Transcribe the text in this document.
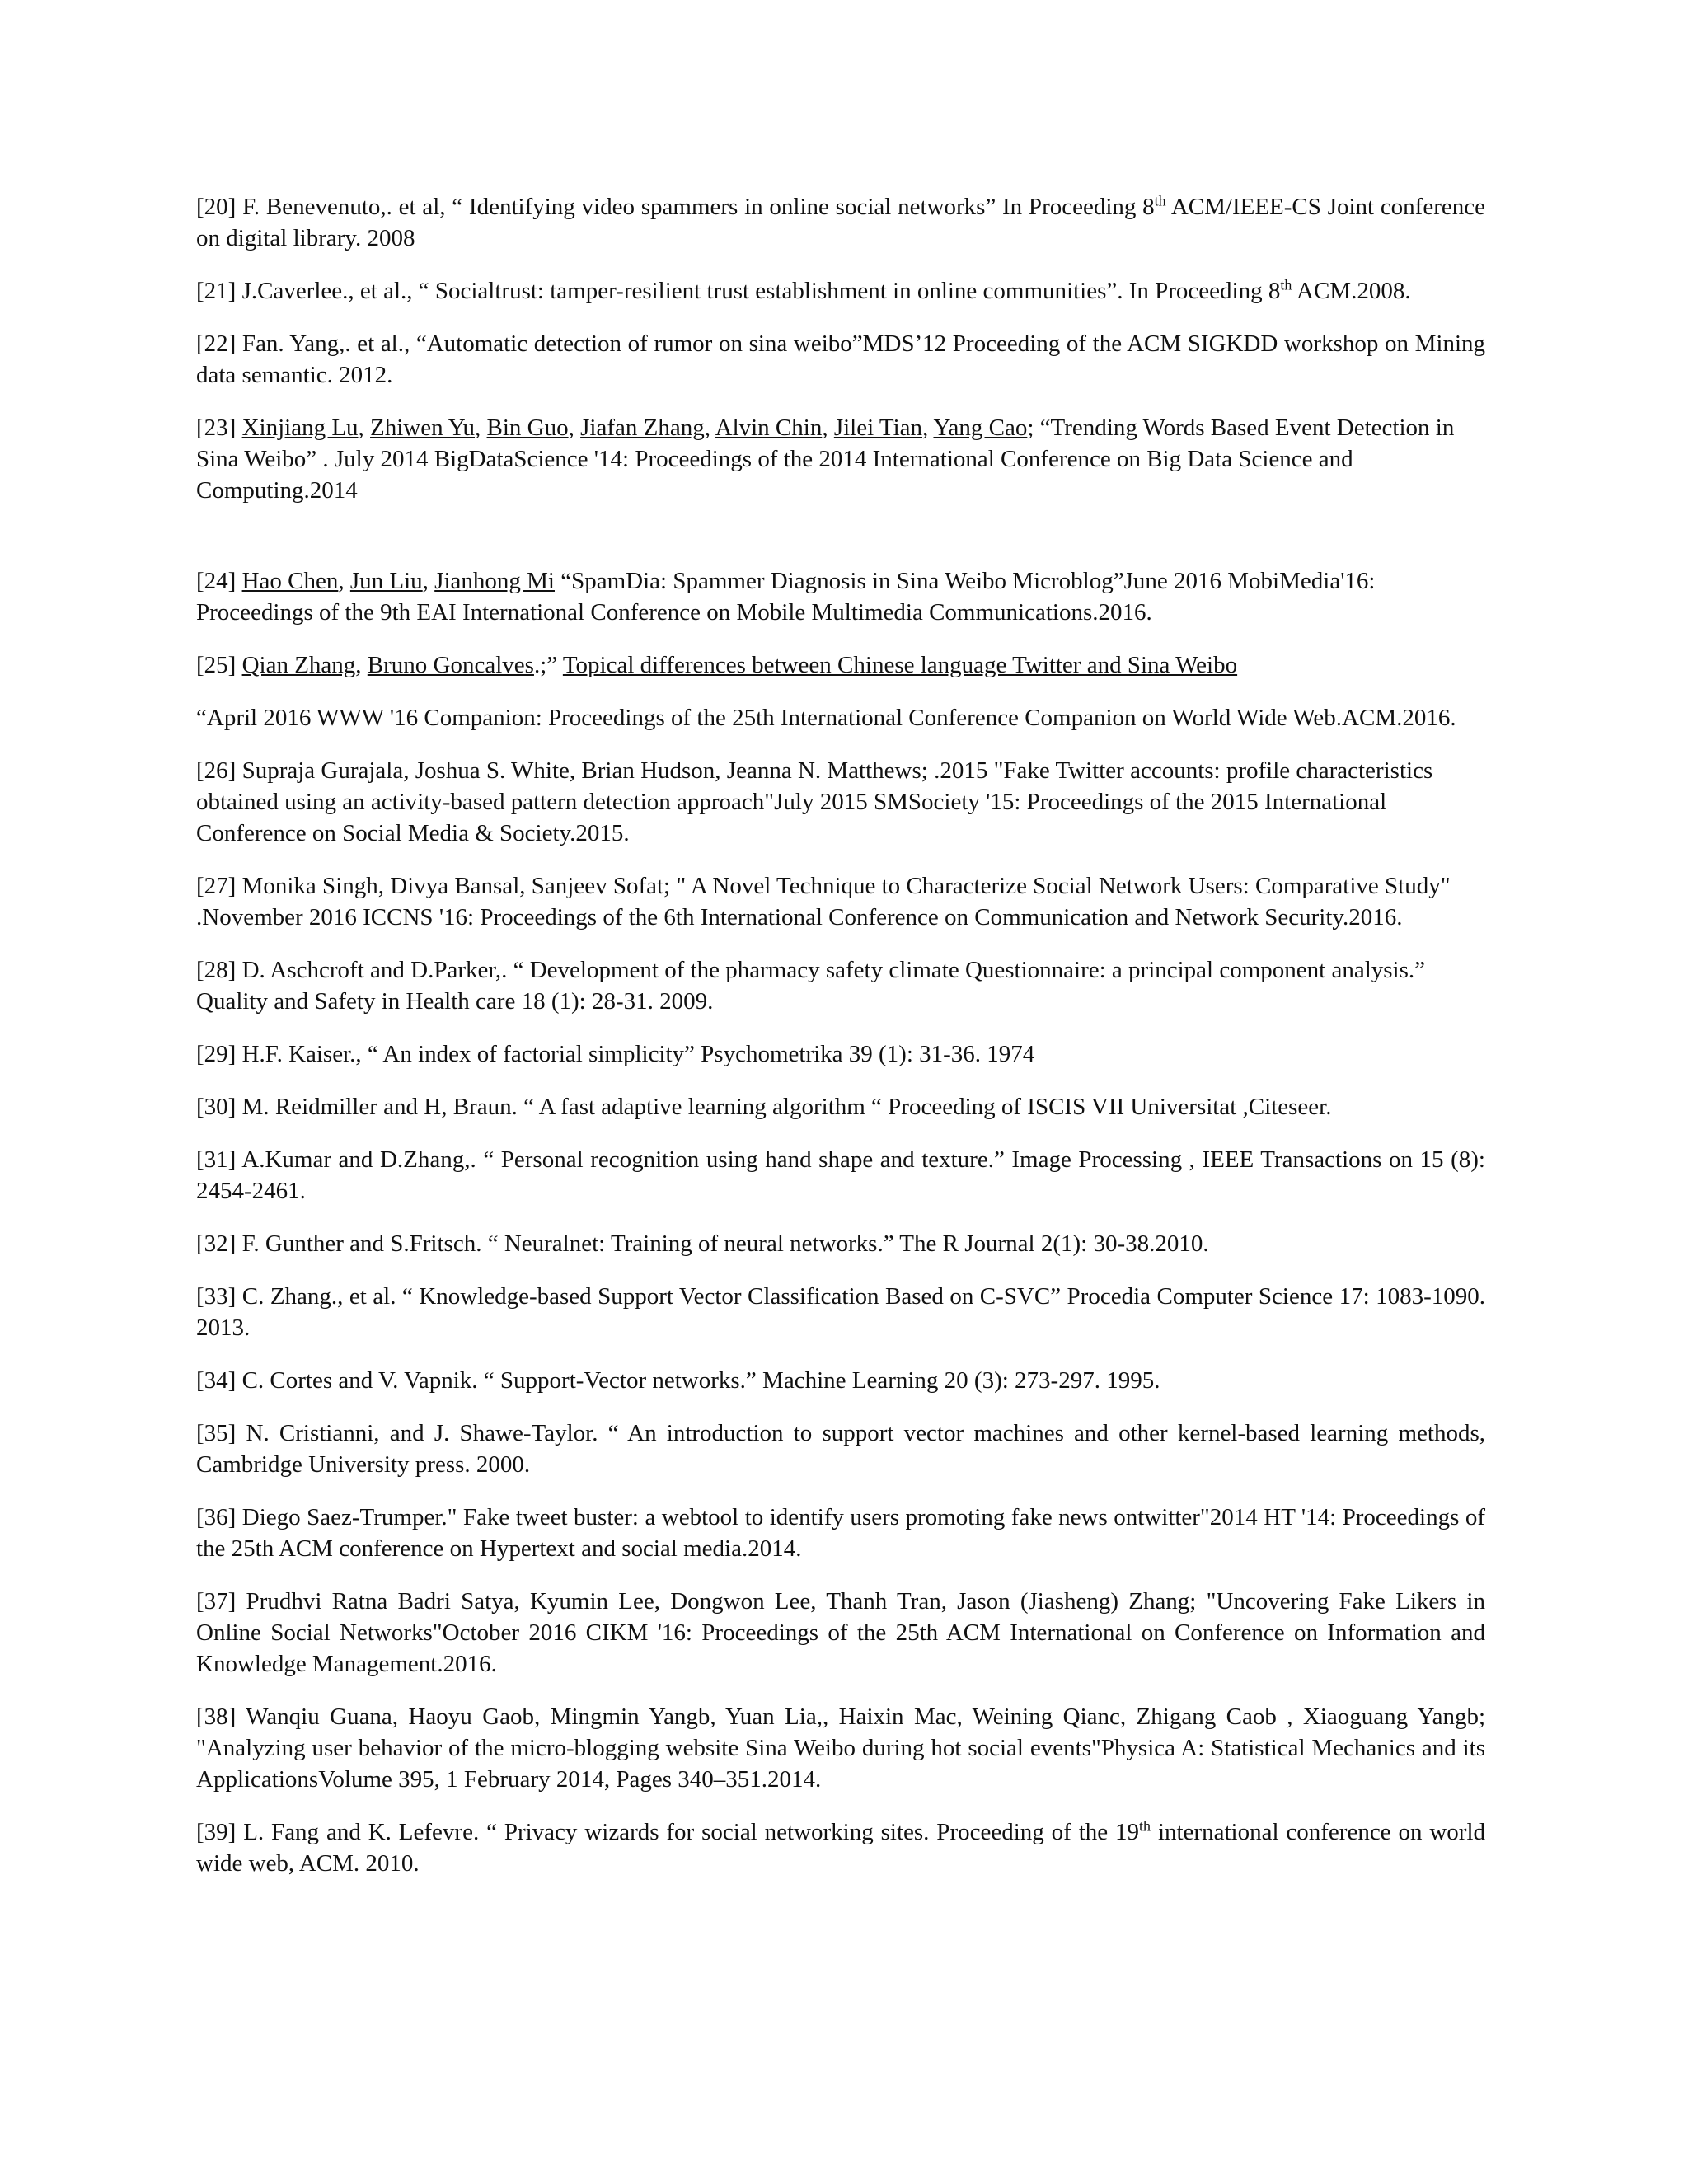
[20] F. Benevenuto,. et al, “ Identifying video spammers in online social networks” In Proceeding 8th ACM/IEEE-CS Joint conference on digital library. 2008

[21] J.Caverlee., et al., “ Socialtrust: tamper-resilient trust establishment in online communities”. In Proceeding 8th ACM.2008.

[22] Fan. Yang,. et al., “Automatic detection of rumor on sina weibo”MDS’12 Proceeding of the ACM SIGKDD workshop on Mining data semantic. 2012.

[23] Xinjiang Lu, Zhiwen Yu, Bin Guo, Jiafan Zhang, Alvin Chin, Jilei Tian, Yang Cao; “Trending Words Based Event Detection in Sina Weibo” . July 2014 BigDataScience '14: Proceedings of the 2014 International Conference on Big Data Science and Computing.2014

[24] Hao Chen, Jun Liu, Jianhong Mi “SpamDia: Spammer Diagnosis in Sina Weibo Microblog”June 2016 MobiMedia'16: Proceedings of the 9th EAI International Conference on Mobile Multimedia Communications.2016.

[25] Qian Zhang, Bruno Goncalves.;” Topical differences between Chinese language Twitter and Sina Weibo

“April 2016 WWW '16 Companion: Proceedings of the 25th International Conference Companion on World Wide Web.ACM.2016.

[26] Supraja Gurajala, Joshua S. White, Brian Hudson, Jeanna N. Matthews; .2015 "Fake Twitter accounts: profile characteristics obtained using an activity-based pattern detection approach"July 2015 SMSociety '15: Proceedings of the 2015 International Conference on Social Media & Society.2015.

[27] Monika Singh, Divya Bansal, Sanjeev Sofat; " A Novel Technique to Characterize Social Network Users: Comparative Study" .November 2016 ICCNS '16: Proceedings of the 6th International Conference on Communication and Network Security.2016.

[28] D. Aschcroft and D.Parker,. “ Development of the pharmacy safety climate Questionnaire: a principal component analysis.” Quality and Safety in Health care 18 (1): 28-31. 2009.

[29] H.F. Kaiser., “ An index of factorial simplicity” Psychometrika 39 (1): 31-36. 1974

[30] M. Reidmiller and H, Braun. “ A fast adaptive learning algorithm “ Proceeding of ISCIS VII Universitat ,Citeseer.

[31] A.Kumar and D.Zhang,. “ Personal recognition using hand shape and texture.” Image Processing , IEEE Transactions on 15 (8): 2454-2461.

[32] F. Gunther and S.Fritsch. “ Neuralnet: Training of neural networks.” The R Journal 2(1): 30-38.2010.

[33] C. Zhang., et al. “ Knowledge-based Support Vector Classification Based on C-SVC” Procedia Computer Science 17: 1083-1090. 2013.

[34] C. Cortes and V. Vapnik. “ Support-Vector networks.” Machine Learning 20 (3): 273-297. 1995.

[35] N. Cristianni, and J. Shawe-Taylor. “ An introduction to support vector machines and other kernel-based learning methods, Cambridge University press. 2000.

[36] Diego Saez-Trumper." Fake tweet buster: a webtool to identify users promoting fake news ontwitter"2014 HT '14: Proceedings of the 25th ACM conference on Hypertext and social media.2014.

[37] Prudhvi Ratna Badri Satya, Kyumin Lee, Dongwon Lee, Thanh Tran, Jason (Jiasheng) Zhang; "Uncovering Fake Likers in Online Social Networks"October 2016 CIKM '16: Proceedings of the 25th ACM International on Conference on Information and Knowledge Management.2016.

[38] Wanqiu Guana, Haoyu Gaob, Mingmin Yangb, Yuan Lia,, Haixin Mac, Weining Qianc, Zhigang Caob , Xiaoguang Yangb; "Analyzing user behavior of the micro-blogging website Sina Weibo during hot social events"Physica A: Statistical Mechanics and its ApplicationsVolume 395, 1 February 2014, Pages 340–351.2014.

[39] L. Fang and K. Lefevre. “ Privacy wizards for social networking sites. Proceeding of the 19th international conference on world wide web, ACM. 2010.
